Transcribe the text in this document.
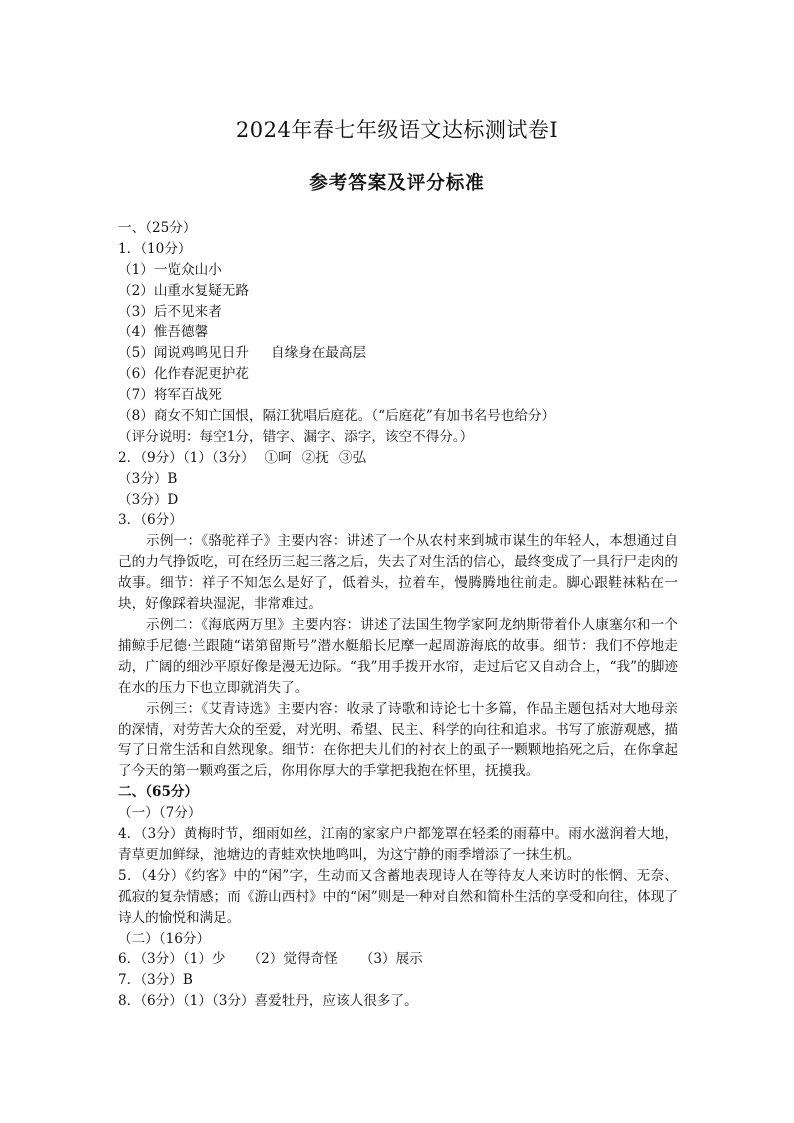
2024年春七年级语文达标测试卷Ⅰ
参考答案及评分标准
一、（25分）
1．（10分）
（1）一览众山小
（2）山重水复疑无路
（3）后不见来者
（4）惟吾德馨
（5）闻说鸡鸣见日升 自缘身在最高层
（6）化作春泥更护花
（7）将军百战死
（8）商女不知亡国恨，隔江犹唱后庭花。（“后庭花”有加书名号也给分）
（评分说明：每空1分，错字、漏字、添字，该空不得分。）
2．（9分）（1）（3分） ①呵 ②抚 ③弘
（3分）B
（3分）D
3．（6分）

示例一：《骆驼祥子》主要内容：讲述了一个从农村来到城市谋生的年轻人，本想通过自己的力气挣饭吃，可在经历三起三落之后，失去了对生活的信心，最终变成了一具行尸走肉的故事。细节：祥子不知怎么是好了，低着头，拉着车，慢腾腾地往前走。脚心跟鞋袜粘在一块，好像踩着块湿泥，非常难过。

示例二：《海底两万里》主要内容：讲述了法国生物学家阿龙纳斯带着仆人康塞尔和一个捕鲸手尼德·兰跟随“诺第留斯号”潜水艇船长尼摩一起周游海底的故事。细节：我们不停地走动，广阔的细沙平原好像是漫无边际。“我”用手拨开水帘，走过后它又自动合上，“我”的脚迹在水的压力下也立即就消失了。

示例三：《艾青诗选》主要内容：收录了诗歌和诗论七十多篇，作品主题包括对大地母亲的深情，对劳苦大众的至爱，对光明、希望、民主、科学的向往和追求。书写了旅游观感，描写了日常生活和自然现象。细节：在你把夫儿们的衬衣上的虱子一颗颗地掐死之后，在你拿起了今天的第一颗鸡蛋之后，你用你厚大的手掌把我抱在怀里，抚摸我。

二、（65分）
（一）（7分）

4．（3分）黄梅时节，细雨如丝，江南的家家户户都笼罩在轻柔的雨幕中。雨水滋润着大地，青草更加鲜绿，池塘边的青蛙欢快地鸣叫，为这宁静的雨季增添了一抹生机。

5．（4分）《约客》中的“闲”字，生动而又含蓄地表现诗人在等待友人来访时的怅惘、无奈、孤寂的复杂情感；而《游山西村》中的“闲”则是一种对自然和简朴生活的享受和向往，体现了诗人的愉悦和满足。

（二）（16分）
6．（3分）（1）少 （2）觉得奇怪 （3）展示
7．（3分）B
8．（6分）（1）（3分）喜爱牡丹，应该人很多了。
